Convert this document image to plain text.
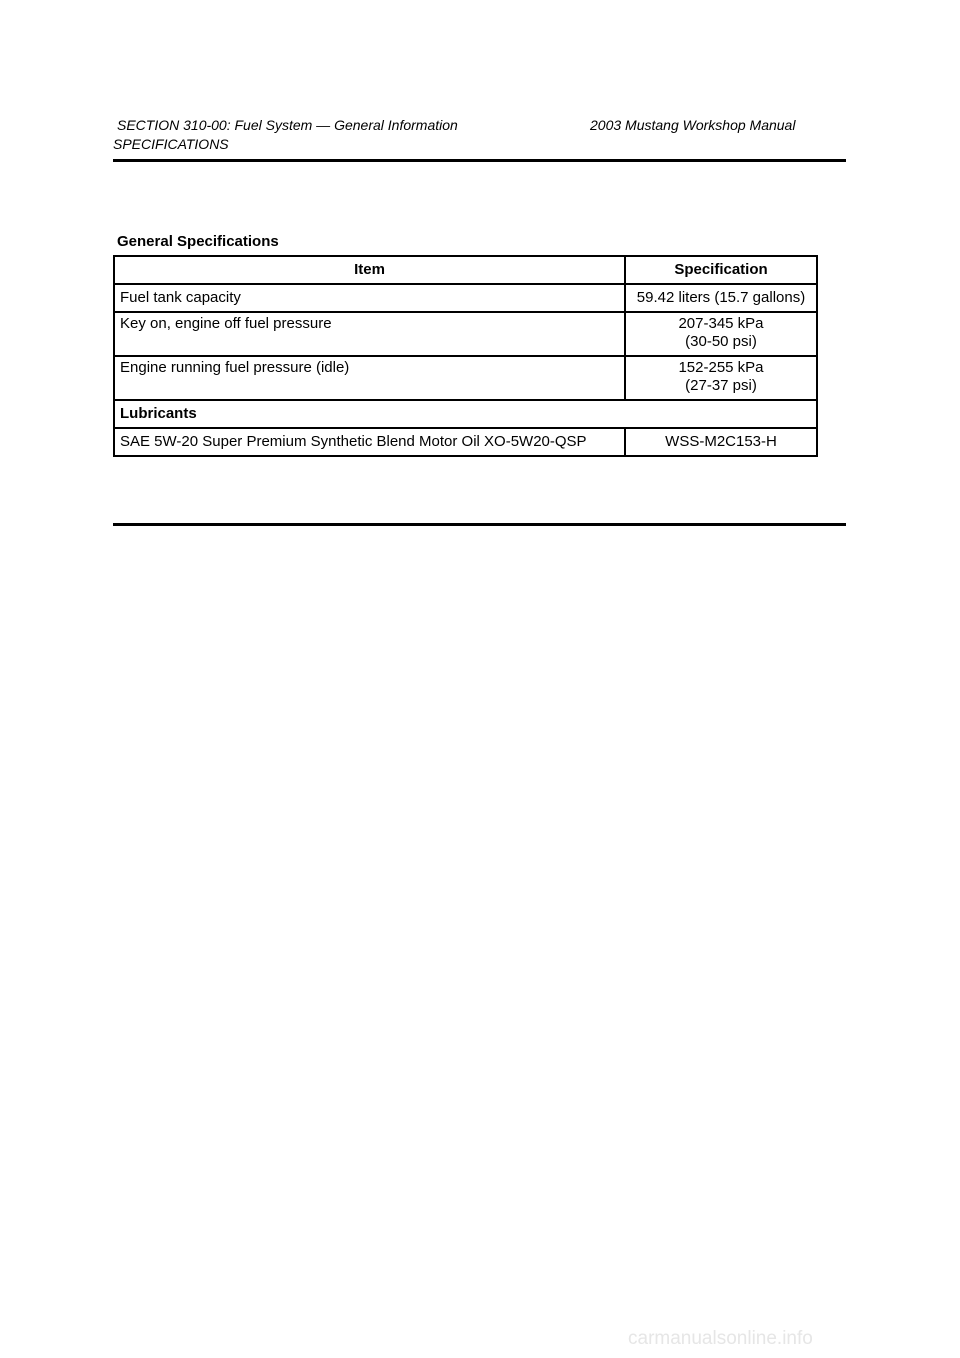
SECTION 310-00: Fuel System — General Information	2003 Mustang Workshop Manual
SPECIFICATIONS
General Specifications
Item	Specification
Fuel tank capacity	59.42 liters (15.7 gallons)
Key on, engine off fuel pressure	207-345 kPa
(30-50 psi)

Engine running fuel pressure (idle)	152-255 kPa
(27-37 psi)

Lubricants	
SAE 5W-20 Super Premium Synthetic Blend Motor Oil XO-5W20-QSP	WSS-M2C153-H
carmanualsonline.info
